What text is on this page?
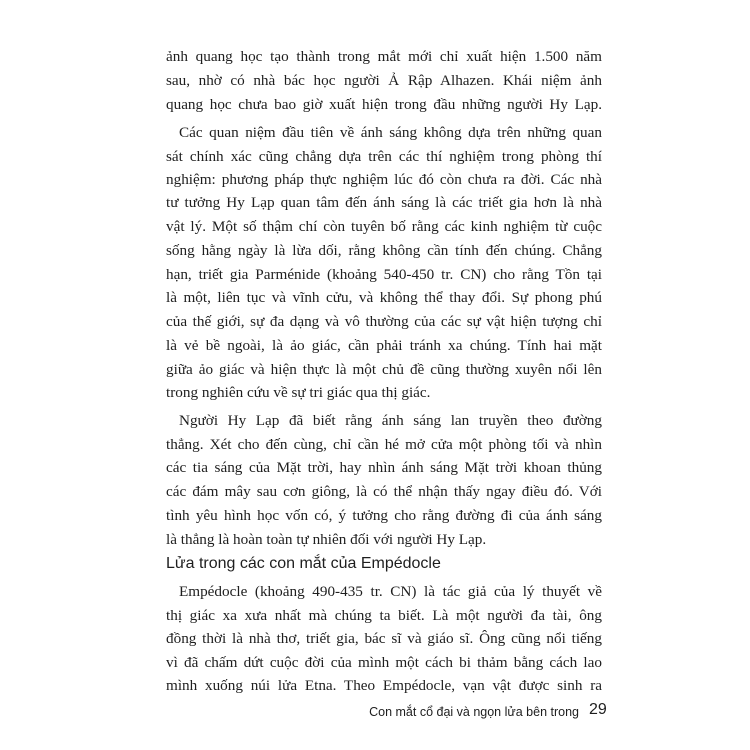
ảnh quang học tạo thành trong mắt mới chỉ xuất hiện 1.500 năm
sau, nhờ có nhà bác học người Ả Rập Alhazen. Khái niệm ảnh
quang học chưa bao giờ xuất hiện trong đầu những người Hy Lạp.
Các quan niệm đầu tiên về ánh sáng không dựa trên những quan
sát chính xác cũng chẳng dựa trên các thí nghiệm trong phòng thí
nghiệm: phương pháp thực nghiệm lúc đó còn chưa ra đời. Các nhà
tư tưởng Hy Lạp quan tâm đến ánh sáng là các triết gia hơn là nhà
vật lý. Một số thậm chí còn tuyên bố rằng các kinh nghiệm từ cuộc
sống hằng ngày là lừa dối, rằng không cần tính đến chúng. Chẳng
hạn, triết gia Parménide (khoảng 540-450 tr. CN) cho rằng Tồn tại
là một, liên tục và vĩnh cửu, và không thể thay đổi. Sự phong phú
của thế giới, sự đa dạng và vô thường của các sự vật hiện tượng chỉ
là vẻ bề ngoài, là ảo giác, cần phải tránh xa chúng. Tính hai mặt
giữa ảo giác và hiện thực là một chủ đề cũng thường xuyên nổi lên
trong nghiên cứu về sự tri giác qua thị giác.
Người Hy Lạp đã biết rằng ánh sáng lan truyền theo đường
thẳng. Xét cho đến cùng, chỉ cần hé mở cửa một phòng tối và nhìn
các tia sáng của Mặt trời, hay nhìn ánh sáng Mặt trời khoan thủng
các đám mây sau cơn giông, là có thể nhận thấy ngay điều đó. Với
tình yêu hình học vốn có, ý tưởng cho rằng đường đi của ánh sáng
là thẳng là hoàn toàn tự nhiên đối với người Hy Lạp.
Lửa trong các con mắt của Empédocle
Empédocle (khoảng 490-435 tr. CN) là tác giả của lý thuyết về
thị giác xa xưa nhất mà chúng ta biết. Là một người đa tài, ông
đồng thời là nhà thơ, triết gia, bác sĩ và giáo sĩ. Ông cũng nổi tiếng
vì đã chấm dứt cuộc đời của mình một cách bi thảm bằng cách lao
mình xuống núi lửa Etna. Theo Empédocle, vạn vật được sinh ra
Con mắt cổ đại và ngọn lửa bên trong 29
